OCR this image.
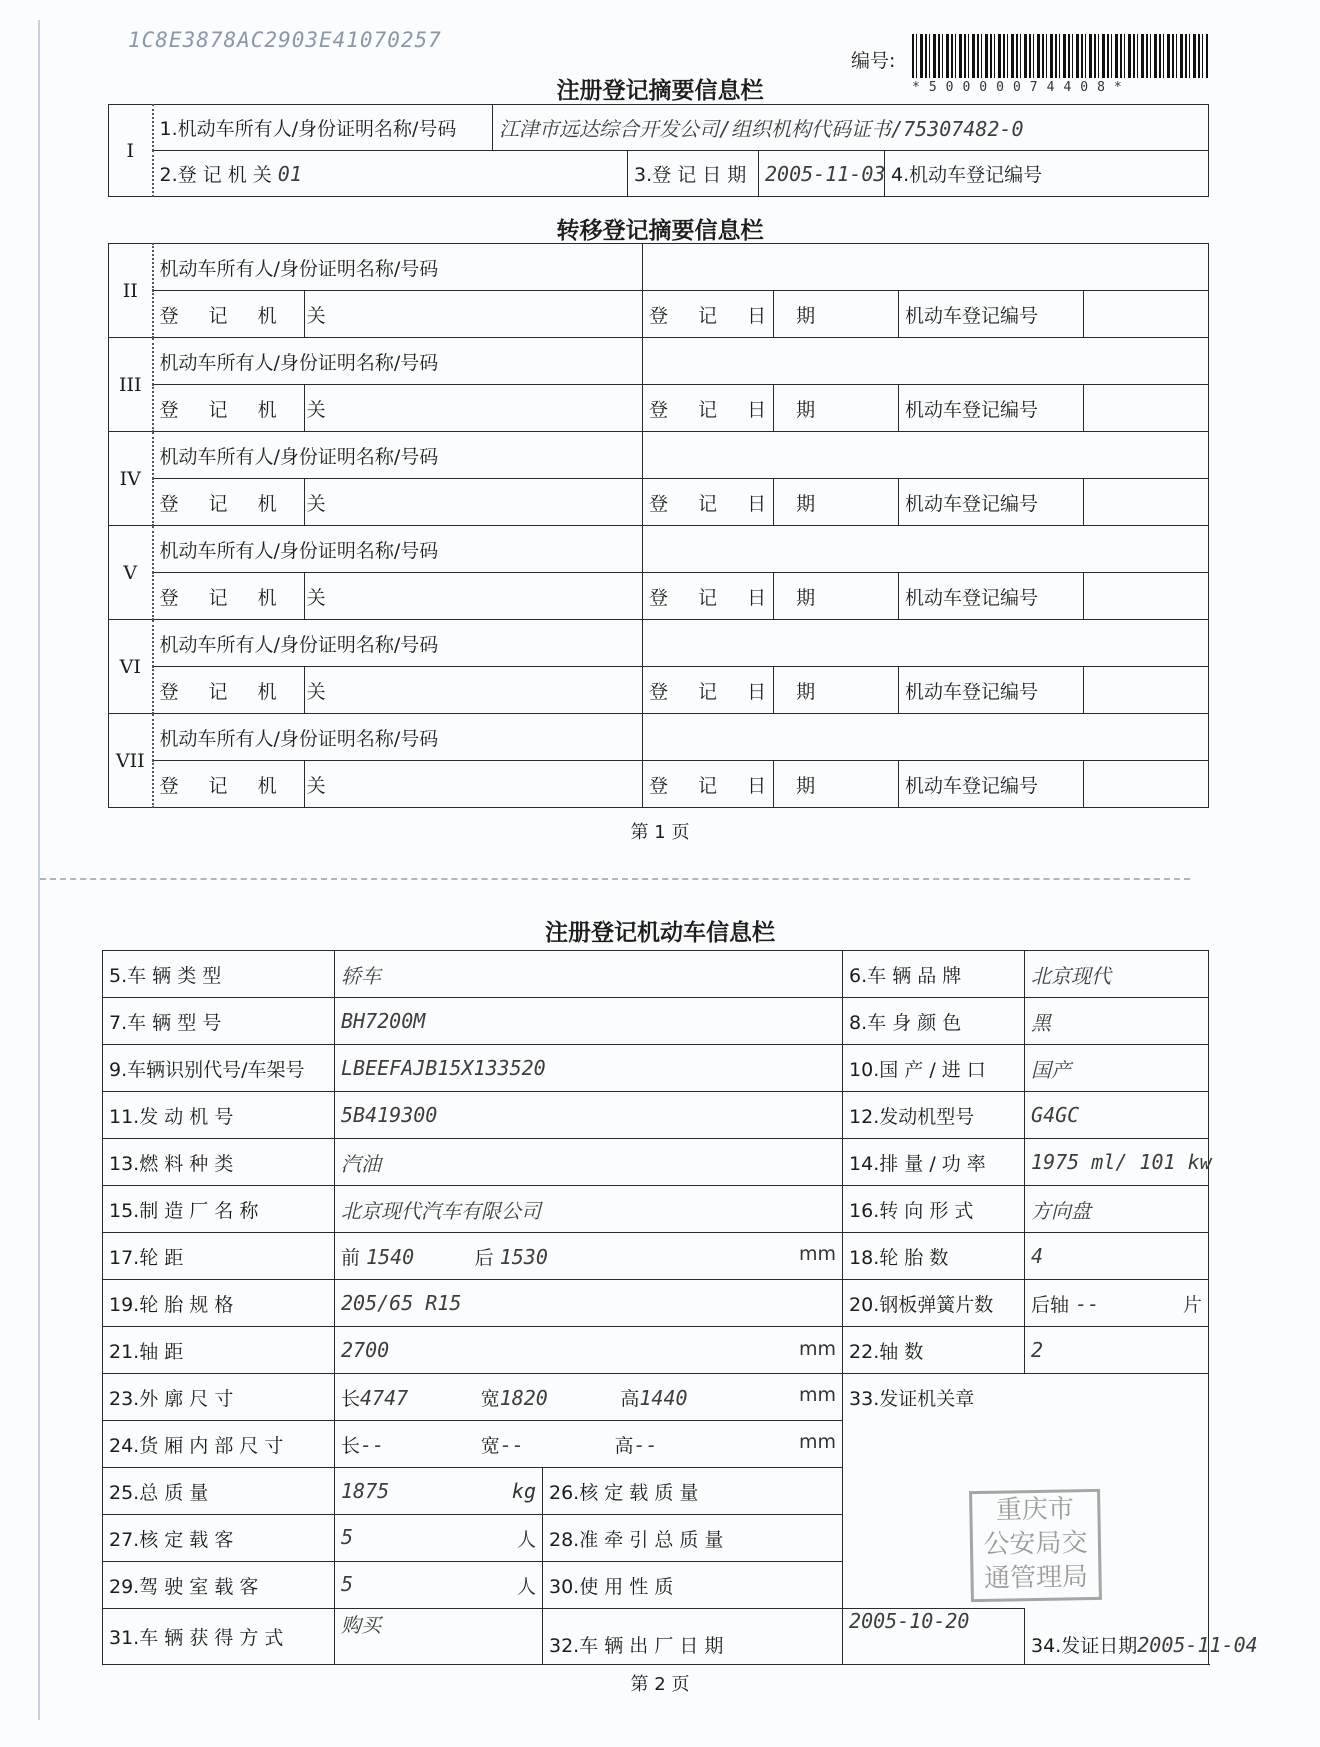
1C8E3878AC2903E41070257
编号:
*50000074408*
注册登记摘要信息栏
I	1.机动车所有人/身份证明名称/号码	江津市远达综合开发公司/组织机构代码证书/75307482-0				
	2.登 记 机 关 01		3.登 记 日 期	2005-11-03	4.机动车登记编号	
转移登记摘要信息栏
II	机动车所有人/身份证明名称/号码					
	登 记 机 关		登 记 日 期		机动车登记编号	
III	机动车所有人/身份证明名称/号码					
	登 记 机 关		登 记 日 期		机动车登记编号	
IV	机动车所有人/身份证明名称/号码					
	登 记 机 关		登 记 日 期		机动车登记编号	
V	机动车所有人/身份证明名称/号码					
	登 记 机 关		登 记 日 期		机动车登记编号	
VI	机动车所有人/身份证明名称/号码					
	登 记 机 关		登 记 日 期		机动车登记编号	
VII	机动车所有人/身份证明名称/号码					
	登 记 机 关		登 记 日 期		机动车登记编号	
第 1 页
注册登记机动车信息栏
5.车 辆 类 型	轿车		6.车 辆 品 牌	北京现代	
7.车 辆 型 号	BH7200M		8.车 身 颜 色	黑	
9.车辆识别代号/车架号	LBEEFAJB15X133520		10.国 产 / 进 口	国产	
11.发 动 机 号	5B419300		12.发动机型号	G4GC	
13.燃 料 种 类	汽油		14.排 量 / 功 率	1975 ml/ 101 kw	
15.制 造 厂 名 称	北京现代汽车有限公司		16.转 向 形 式	方向盘	
17.轮 距	前 1540 后 1530 mm		18.轮 胎 数	4	
19.轮 胎 规 格	205/65 R15		20.钢板弹簧片数	后轴 -- 片	

21.轴 距	2700 mm		22.轴 数	2	
23.外 廓 尺 寸	长4747 宽1820 高1440 mm		33.发证机关章		
24.货 厢 内 部 尺 寸	长-- 宽-- 高-- mm				

25.总 质 量	1875 kg	26.核 定 载 质 量	

27.核 定 载 客	5 人	28.准 牵 引 总 质 量	

29.驾 驶 室 载 客	5 人	30.使 用 性 质	
31.车 辆 获 得 方 式	购买	32.车 辆 出 厂 日 期	2005-10-20	34.发证日期2005-11-04	
重庆市
公安局交
通管理局
第 2 页
